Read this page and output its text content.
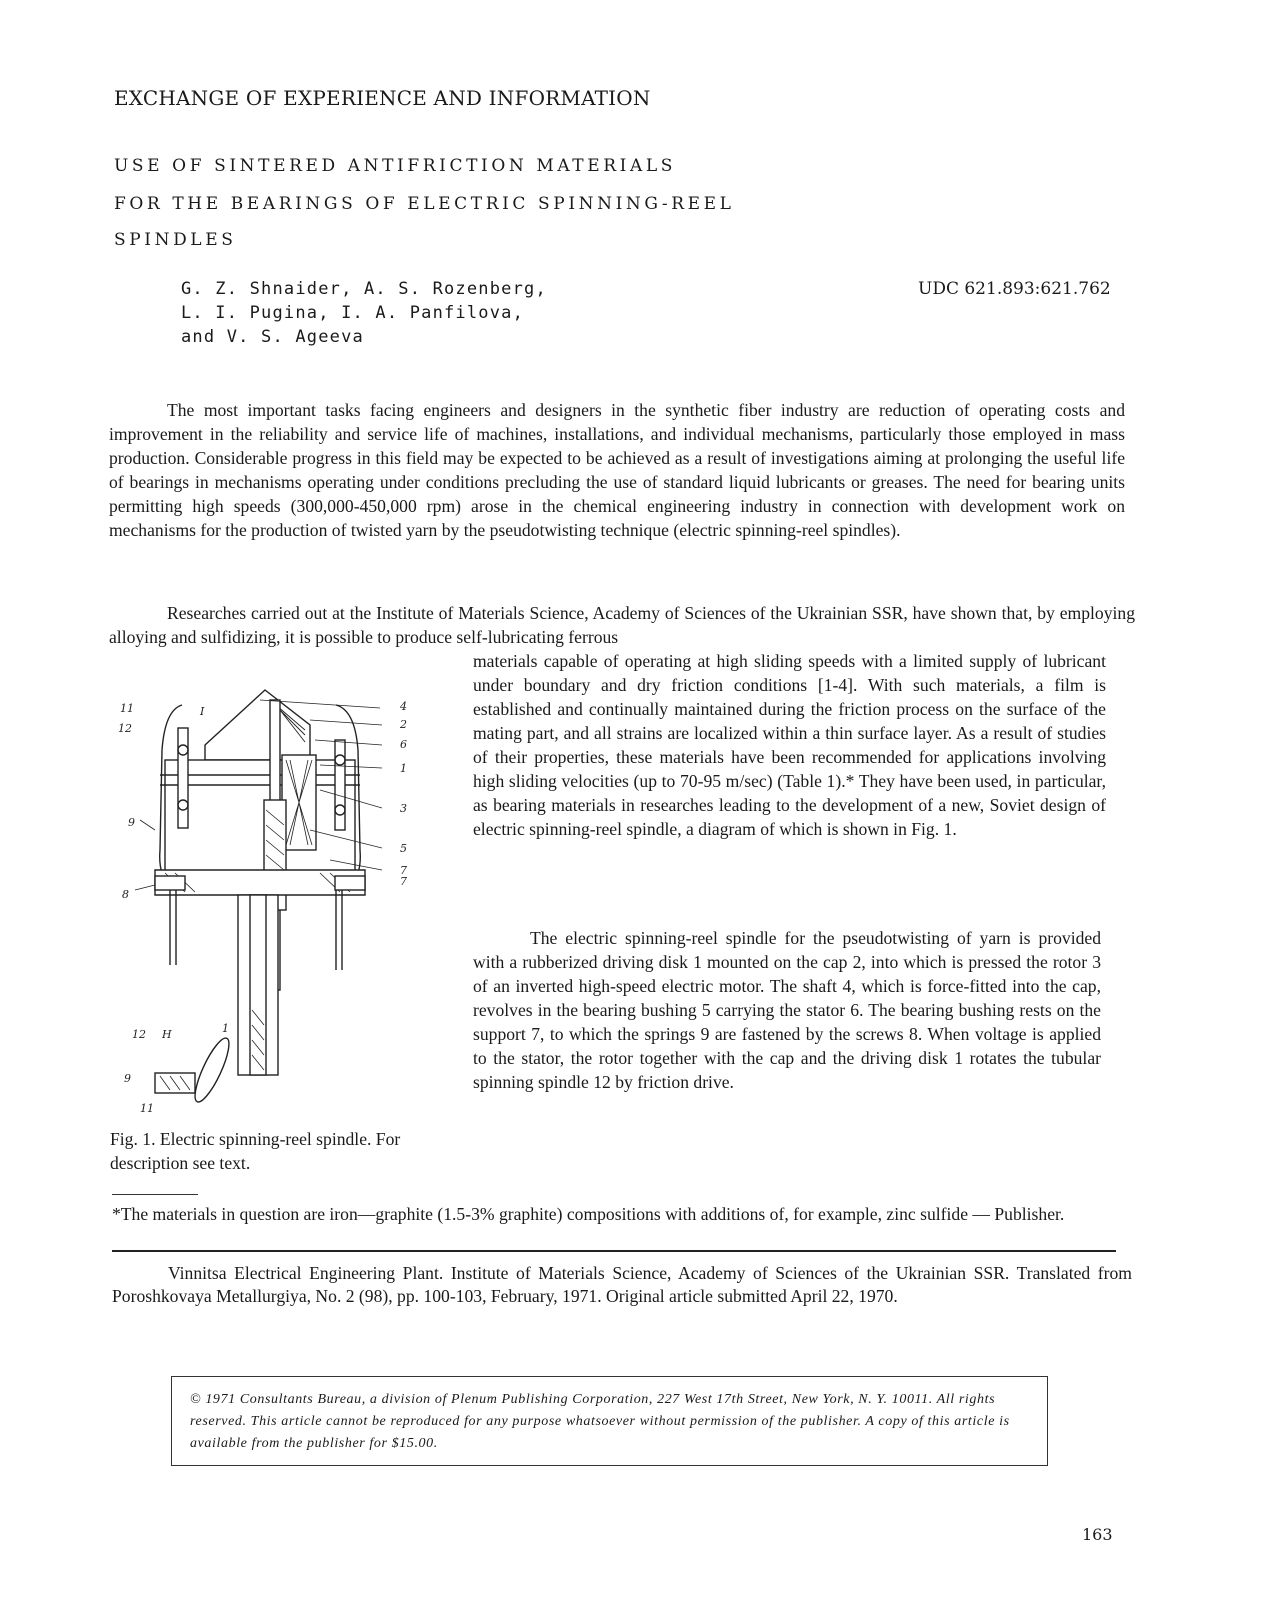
EXCHANGE OF EXPERIENCE AND INFORMATION
USE OF SINTERED ANTIFRICTION MATERIALS
FOR THE BEARINGS OF ELECTRIC SPINNING-REEL
SPINDLES
G. Z. Shnaider, A. S. Rozenberg,
L. I. Pugina, I. A. Panfilova,
and V. S. Ageeva
UDC 621.893:621.762
The most important tasks facing engineers and designers in the synthetic fiber industry are reduction of operating costs and improvement in the reliability and service life of machines, installations, and individual mechanisms, particularly those employed in mass production. Considerable progress in this field may be expected to be achieved as a result of investigations aiming at prolonging the useful life of bearings in mechanisms operating under conditions precluding the use of standard liquid lubricants or greases. The need for bearing units permitting high speeds (300,000-450,000 rpm) arose in the chemical engineering industry in connection with development work on mechanisms for the production of twisted yarn by the pseudotwisting technique (electric spinning-reel spindles).
Researches carried out at the Institute of Materials Science, Academy of Sciences of the Ukrainian SSR, have shown that, by employing alloying and sulfidizing, it is possible to produce self-lubricating ferrous
materials capable of operating at high sliding speeds with a limited supply of lubricant under boundary and dry friction conditions [1-4]. With such materials, a film is established and continually maintained during the friction process on the surface of the mating part, and all strains are localized within a thin surface layer. As a result of studies of their properties, these materials have been recommended for applications involving high sliding velocities (up to 70-95 m/sec) (Table 1).* They have been used, in particular, as bearing materials in researches leading to the development of a new, Soviet design of electric spinning-reel spindle, a diagram of which is shown in Fig. 1.
The electric spinning-reel spindle for the pseudotwisting of yarn is provided with a rubberized driving disk 1 mounted on the cap 2, into which is pressed the rotor 3 of an inverted high-speed electric motor. The shaft 4, which is force-fitted into the cap, revolves in the bearing bushing 5 carrying the stator 6. The bearing bushing rests on the support 7, to which the springs 9 are fastened by the screws 8. When voltage is applied to the stator, the rotor together with the cap and the driving disk 1 rotates the tubular spinning spindle 12 by friction drive.
4
2
6
1
3
5
7
11
12
I
9
8
7
12 H	1
9
11
Fig. 1. Electric spinning-reel spindle. For description see text.
*The materials in question are iron—graphite (1.5-3% graphite) compositions with additions of, for example, zinc sulfide — Publisher.
Vinnitsa Electrical Engineering Plant. Institute of Materials Science, Academy of Sciences of the Ukrainian SSR. Translated from Poroshkovaya Metallurgiya, No. 2 (98), pp. 100-103, February, 1971. Original article submitted April 22, 1970.
© 1971 Consultants Bureau, a division of Plenum Publishing Corporation, 227 West 17th Street, New York, N. Y. 10011. All rights reserved. This article cannot be reproduced for any purpose whatsoever without permission of the publisher. A copy of this article is available from the publisher for $15.00.
163
